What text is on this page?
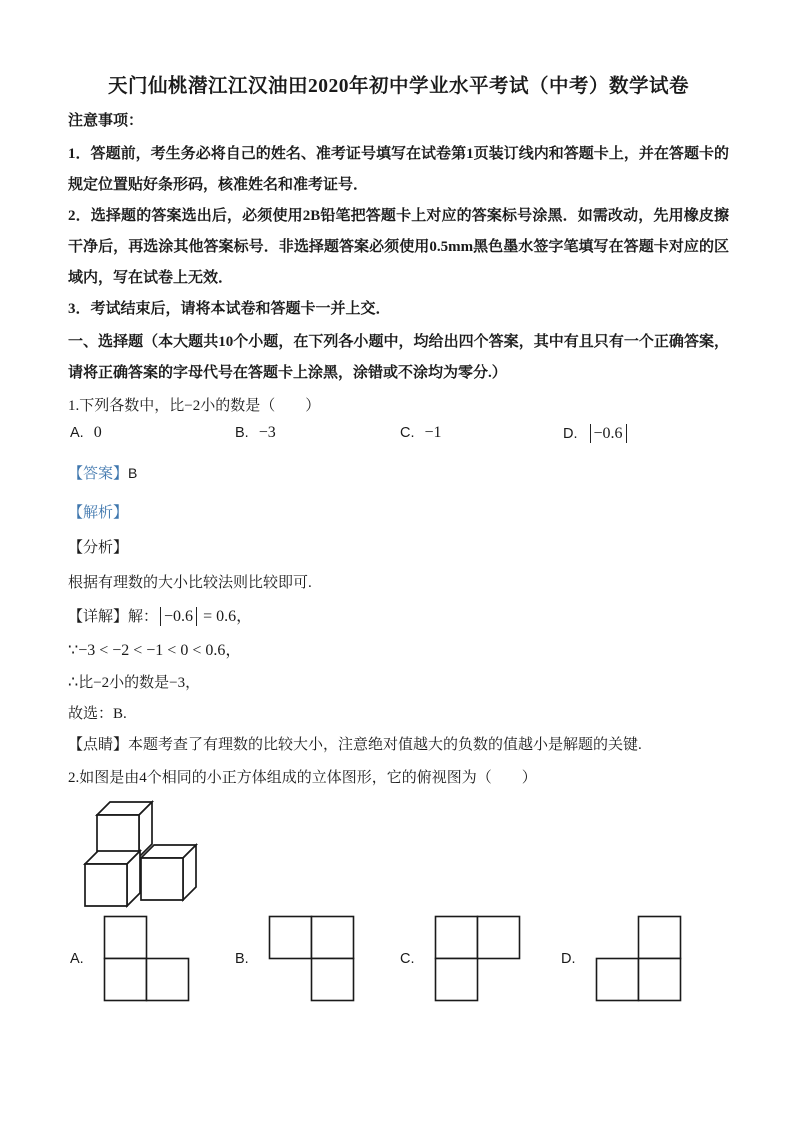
天门仙桃潜江江汉油田2020年初中学业水平考试（中考）数学试卷

注意事项：

1．答题前，考生务必将自己的姓名、准考证号填写在试卷第1页装订线内和答题卡上，并在答题卡的规定位置贴好条形码，核准姓名和准考证号．

2．选择题的答案选出后，必须使用2B铅笔把答题卡上对应的答案标号涂黑．如需改动，先用橡皮擦干净后，再选涂其他答案标号．非选择题答案必须使用0.5mm黑色墨水签字笔填写在答题卡对应的区域内，写在试卷上无效．

3．考试结束后，请将本试卷和答题卡一并上交．

一、选择题（本大题共10个小题，在下列各小题中，均给出四个答案，其中有且只有一个正确答案，请将正确答案的字母代号在答题卡上涂黑，涂错或不涂均为零分.）

1.下列各数中，比−2小的数是（　　）

A. 0	B. −3	C. −1	D. −0.6

【答案】B

【解析】

【分析】

根据有理数的大小比较法则比较即可.

【详解】解： −0.6 = 0.6，

∵−3 < −2 < −1 < 0 < 0.6，

∴比−2小的数是−3，

故选：B.

【点睛】本题考查了有理数的比较大小，注意绝对值越大的负数的值越小是解题的关键.

2.如图是由4个相同的小正方体组成的立体图形，它的俯视图为（　　）

A.	B.	C.	D.
